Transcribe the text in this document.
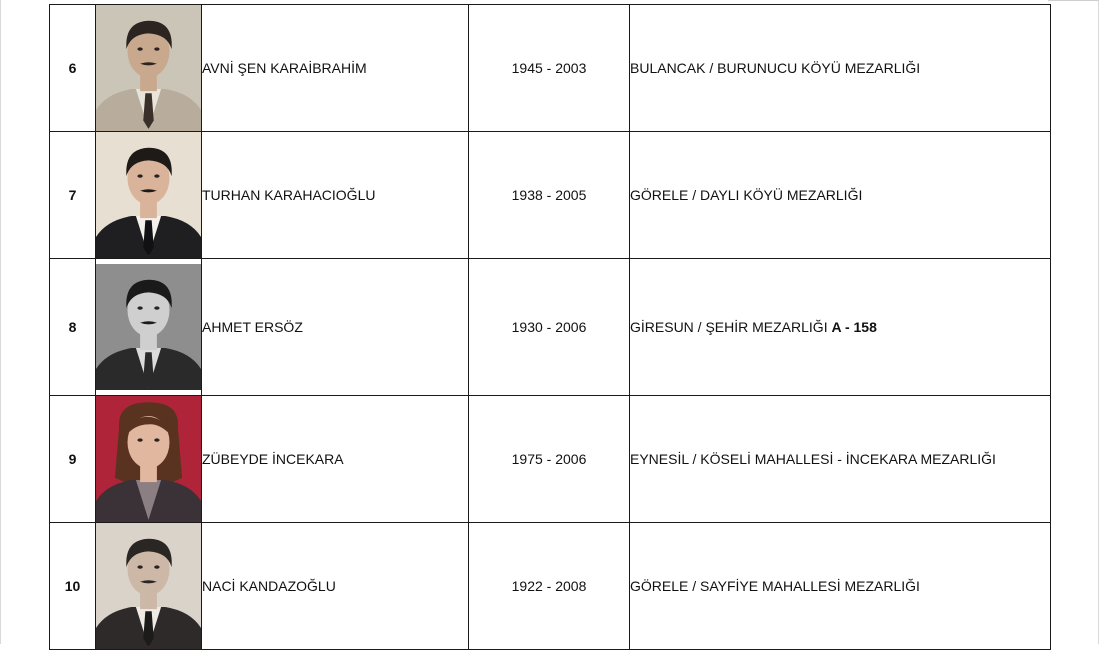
6		AVNİ ŞEN KARAİBRAHİM	1945 - 2003	BULANCAK / BURUNUCU KÖYÜ MEZARLIĞI
7		TURHAN KARAHACIOĞLU	1938 - 2005	GÖRELE / DAYLI KÖYÜ MEZARLIĞI
8		AHMET ERSÖZ	1930 - 2006	GİRESUN / ŞEHİR MEZARLIĞI A - 158
9		ZÜBEYDE İNCEKARA	1975 - 2006	EYNESİL / KÖSELİ MAHALLESİ - İNCEKARA MEZARLIĞI
10		NACİ KANDAZOĞLU	1922 - 2008	GÖRELE / SAYFİYE MAHALLESİ MEZARLIĞI
